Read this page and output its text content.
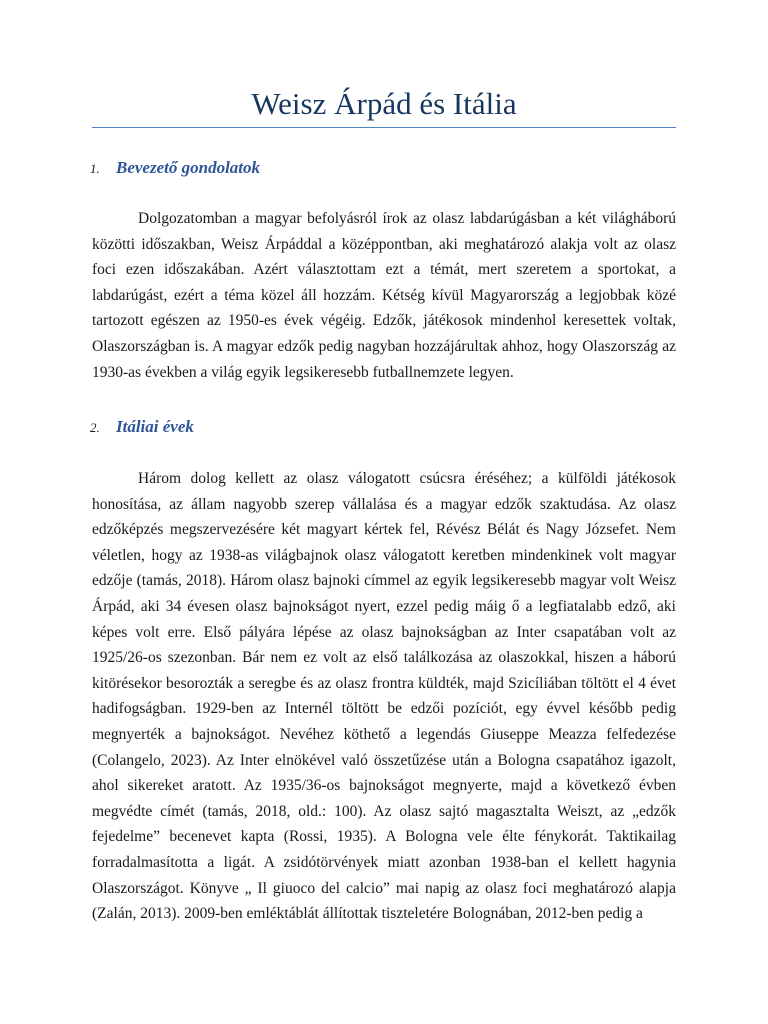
Weisz Árpád és Itália
1. Bevezető gondolatok

Dolgozatomban a magyar befolyásról írok az olasz labdarúgásban a két világháború közötti időszakban, Weisz Árpáddal a középpontban, aki meghatározó alakja volt az olasz foci ezen időszakában. Azért választottam ezt a témát, mert szeretem a sportokat, a labdarúgást, ezért a téma közel áll hozzám. Kétség kívül Magyarország a legjobbak közé tartozott egészen az 1950-es évek végéig. Edzők, játékosok mindenhol keresettek voltak, Olaszországban is. A magyar edzők pedig nagyban hozzájárultak ahhoz, hogy Olaszország az 1930-as években a világ egyik legsikeresebb futballnemzete legyen.

2. Itáliai évek

Három dolog kellett az olasz válogatott csúcsra éréséhez; a külföldi játékosok honosítása, az állam nagyobb szerep vállalása és a magyar edzők szaktudása. Az olasz edzőképzés megszervezésére két magyart kértek fel, Révész Bélát és Nagy Józsefet. Nem véletlen, hogy az 1938-as világbajnok olasz válogatott keretben mindenkinek volt magyar edzője (tamás, 2018). Három olasz bajnoki címmel az egyik legsikeresebb magyar volt Weisz Árpád, aki 34 évesen olasz bajnokságot nyert, ezzel pedig máig ő a legfiatalabb edző, aki képes volt erre. Első pályára lépése az olasz bajnokságban az Inter csapatában volt az 1925/26-os szezonban. Bár nem ez volt az első találkozása az olaszokkal, hiszen a háború kitörésekor besorozták a seregbe és az olasz frontra küldték, majd Szicíliában töltött el 4 évet hadifogságban. 1929-ben az Internél töltött be edzői pozíciót, egy évvel később pedig megnyerték a bajnokságot. Nevéhez köthető a legendás Giuseppe Meazza felfedezése (Colangelo, 2023). Az Inter elnökével való összetűzése után a Bologna csapatához igazolt, ahol sikereket aratott. Az 1935/36-os bajnokságot megnyerte, majd a következő évben megvédte címét (tamás, 2018, old.: 100). Az olasz sajtó magasztalta Weiszt, az „edzők fejedelme” becenevet kapta (Rossi, 1935). A Bologna vele élte fénykorát. Taktikailag forradalmasította a ligát. A zsidótörvények miatt azonban 1938-ban el kellett hagynia Olaszországot. Könyve „ Il giuoco del calcio” mai napig az olasz foci meghatározó alapja (Zalán, 2013). 2009-ben emléktáblát állítottak tiszteletére Bolognában, 2012-ben pedig a
